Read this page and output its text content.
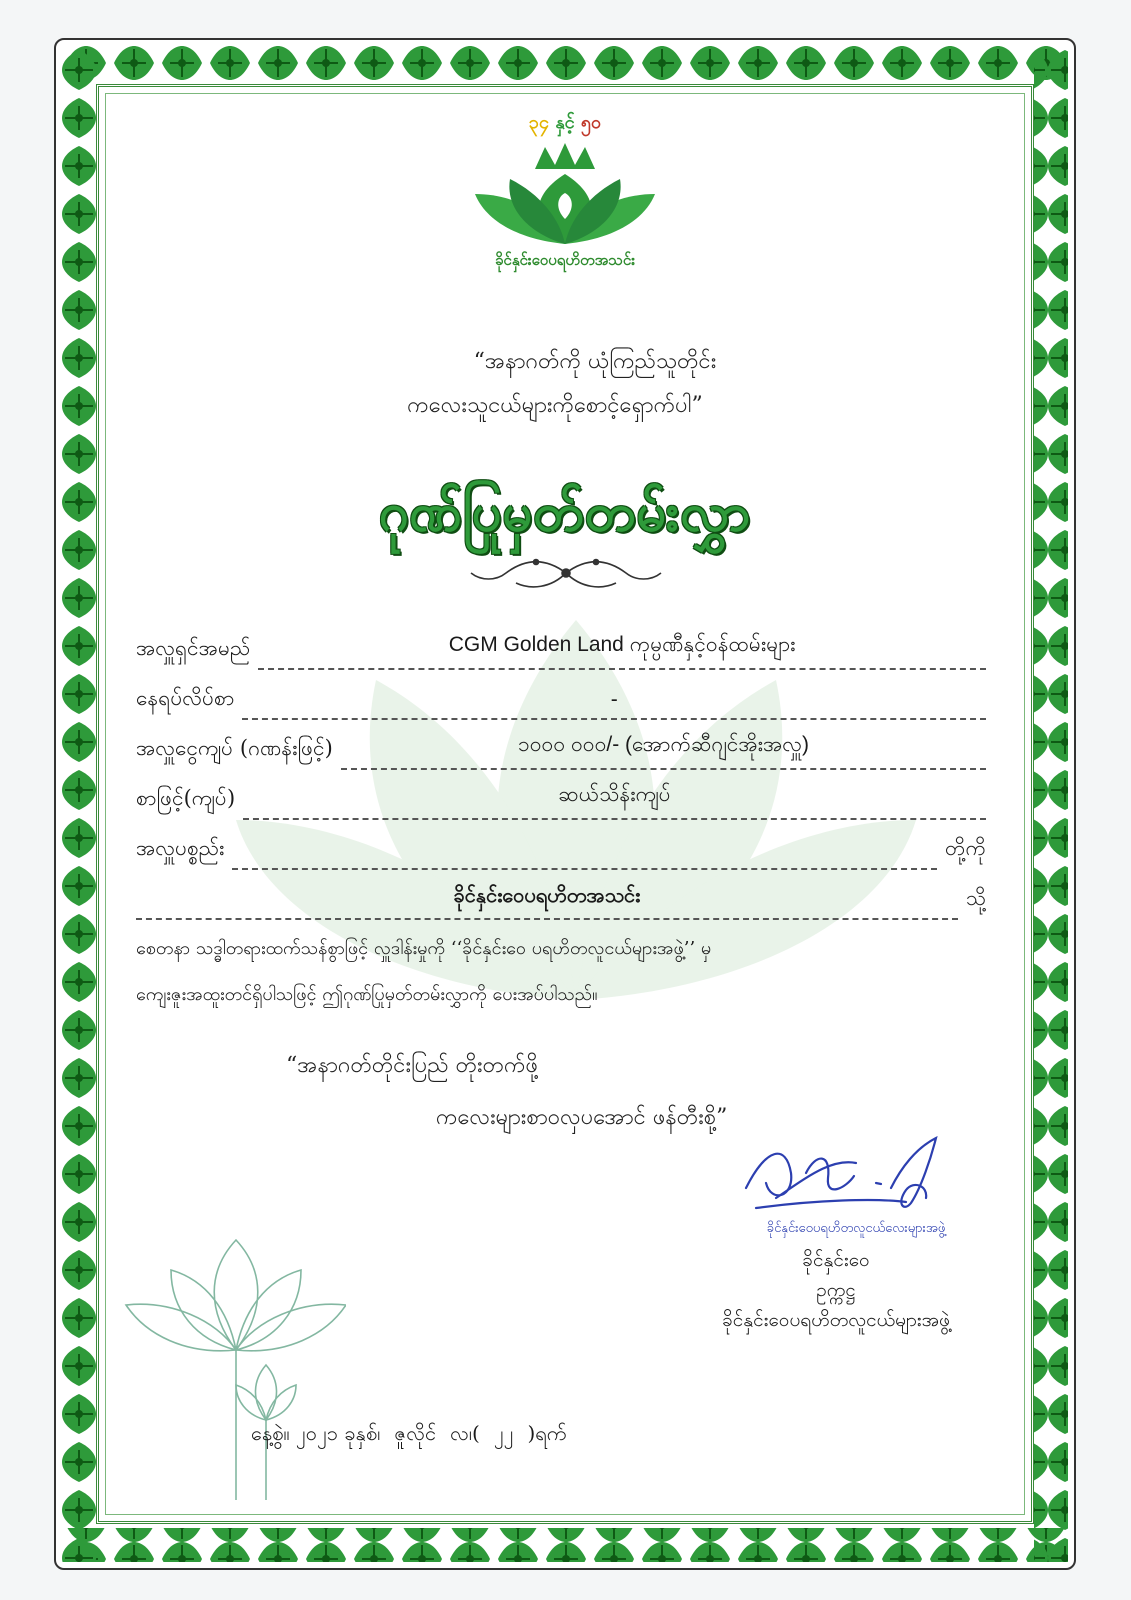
၃၄ နှင့် ၅၀
ခိုင်နှင်းဝေပရဟိတအသင်း
“အနာဂတ်ကို ယုံကြည်သူတိုင်း
ကလေးသူငယ်များကိုစောင့်ရှောက်ပါ”
ဂုဏ်ပြုမှတ်တမ်းလွှာ
အလှူရှင်အမည်	CGM Golden Land ကုမ္ပဏီနှင့်ဝန်ထမ်းများ
နေရပ်လိပ်စာ	-
အလှူငွေကျပ် (ဂဏန်းဖြင့်)	၁၀၀၀ ၀၀၀/- (အောက်ဆီဂျင်အိုးအလှူ)
စာဖြင့်(ကျပ်)	ဆယ်သိန်းကျပ်
အလှူပစ္စည်း	တို့ကို
ခိုင်နှင်းဝေပရဟိတအသင်း	သို့
စေတနာ သဒ္ဓါတရားထက်သန်စွာဖြင့် လှူဒါန်းမှုကို ‘‘ခိုင်နှင်းဝေ ပရဟိတလူငယ်များအဖွဲ့’’ မှ
ကျေးဇူးအထူးတင်ရှိပါသဖြင့် ဤဂုဏ်ပြုမှတ်တမ်းလွှာကို ပေးအပ်ပါသည်။
“အနာဂတ်တိုင်းပြည် တိုးတက်ဖို့
ကလေးများစာဝလှပအောင် ဖန်တီးစို့”
ခိုင်နှင်းဝေပရဟိတလူငယ်လေးများအဖွဲ့
ခိုင်နှင်းဝေ
ဥက္ကဋ္ဌ
ခိုင်နှင်းဝေပရဟိတလူငယ်များအဖွဲ့
နေ့စွဲ။ ၂၀၂၁ ခုနှစ်၊ ဇူလိုင် လ၊( ၂၂ )ရက်
